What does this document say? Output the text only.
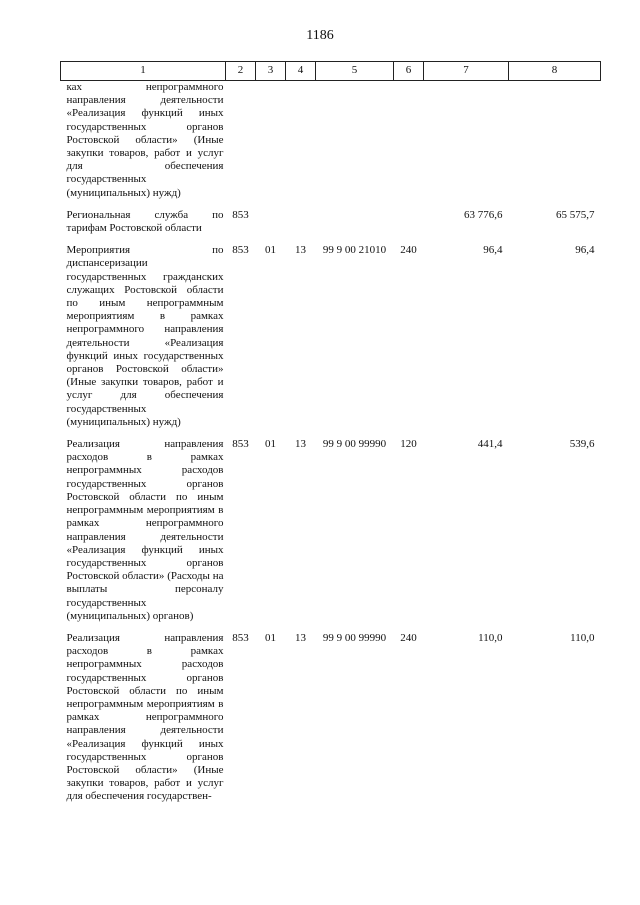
1186
1	2	3	4	5	6	7	8
ках непрограммного направления деятельности «Реализация функций иных государственных органов Ростовской области» (Иные закупки товаров, работ и услуг для обеспечения государственных (муниципальных) нужд)							
Региональная служба по тарифам Ростовской области	853					63 776,6	65 575,7
Мероприятия по диспансеризации государственных гражданских служащих Ростовской области по иным непрограммным мероприятиям в рамках непрограммного направления деятельности «Реализация функций иных государственных органов Ростовской области» (Иные закупки товаров, работ и услуг для обеспечения государственных (муниципальных) нужд)	853	01	13	99 9 00 21010	240	96,4	96,4
Реализация направления расходов в рамках непрограммных расходов государственных органов Ростовской области по иным непрограммным мероприятиям в рамках непрограммного направления деятельности «Реализация функций иных государственных органов Ростовской области» (Расходы на выплаты персоналу государственных (муниципальных) органов)	853	01	13	99 9 00 99990	120	441,4	539,6
Реализация направления расходов в рамках непрограммных расходов государственных органов Ростовской области по иным непрограммным мероприятиям в рамках непрограммного направления деятельности «Реализация функций иных государственных органов Ростовской области» (Иные закупки товаров, работ и услуг для обеспечения государствен-	853	01	13	99 9 00 99990	240	110,0	110,0
